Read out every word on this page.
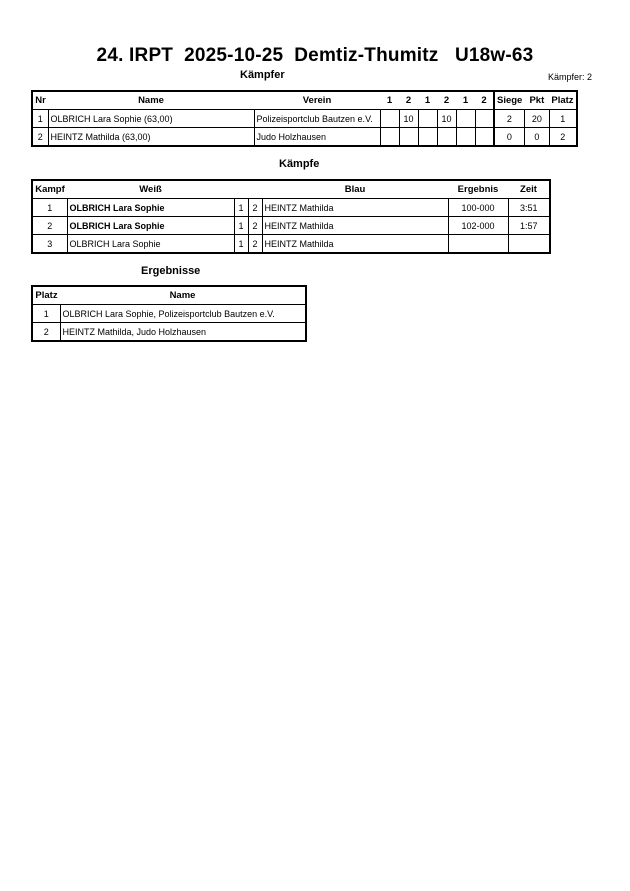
24. IRPT 2025-10-25 Demtiz-Thumitz U18w-63
Kämpfer	Kämpfer: 2
Nr	Name	Verein	1	2	1	2	1	2	Siege	Pkt	Platz
1	OLBRICH Lara Sophie (63,00)	Polizeisportclub Bautzen e.V.		10		10			2	20	1
2	HEINTZ Mathilda (63,00)	Judo Holzhausen							0	0	2
Kämpfe
Kampf	Weiß			Blau	Ergebnis	Zeit
1	OLBRICH Lara Sophie	1	2	HEINTZ Mathilda	100-000	3:51
2	OLBRICH Lara Sophie	1	2	HEINTZ Mathilda	102-000	1:57
3	OLBRICH Lara Sophie	1	2	HEINTZ Mathilda		
Ergebnisse
Platz	Name
1	OLBRICH Lara Sophie, Polizeisportclub Bautzen e.V.
2	HEINTZ Mathilda, Judo Holzhausen
